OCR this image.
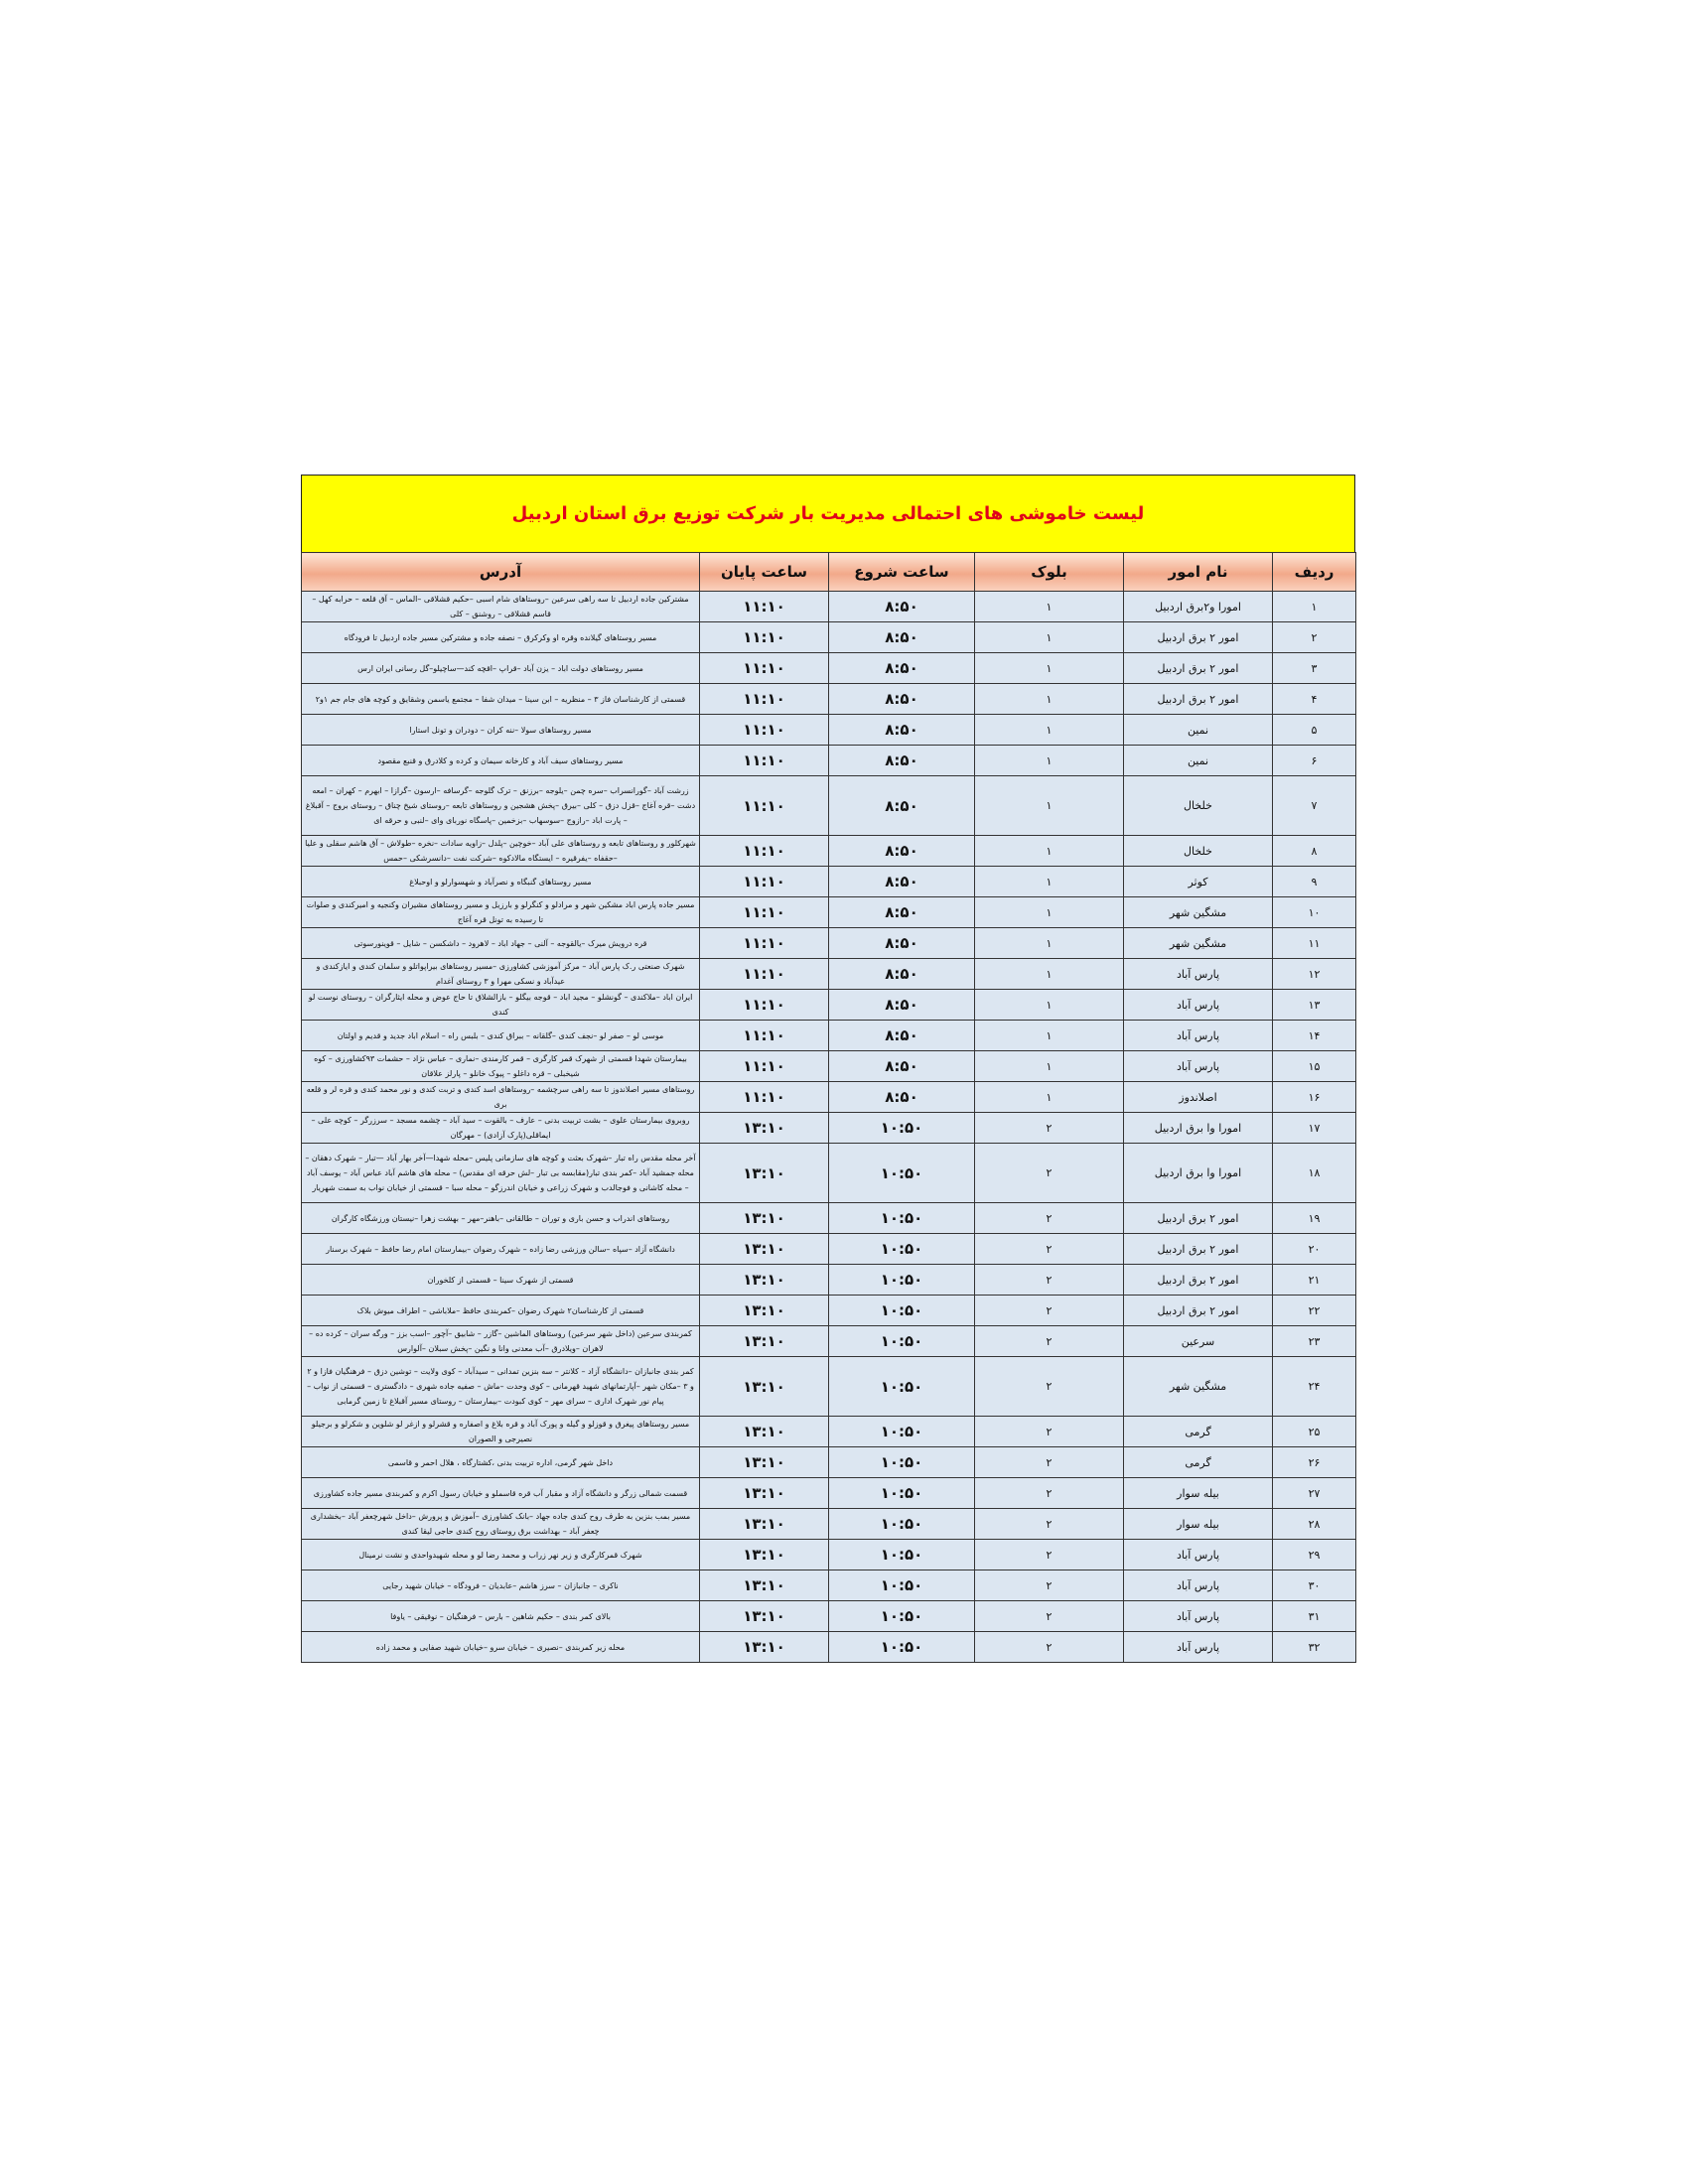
لیست خاموشی های احتمالی مدیریت بار شرکت توزیع برق استان اردبیل
ردیف	نام امور	بلوک	ساعت شروع	ساعت پایان	آدرس
۱	امورا و۲برق اردبیل	۱	۸:۵۰	۱۱:۱۰	مشترکین جاده اردبیل تا سه راهی سرعین –روستاهای شام اسبی –حکیم قشلاقی –الماس – آق قلعه – حرابه کهل – قاسم قشلاقی – روشنق – کلی
۲	امور ۲ برق اردبیل	۱	۸:۵۰	۱۱:۱۰	مسیر روستاهای گیلانده وقره او وکرکرق – نصفه جاده و مشترکین مسیر جاده اردبیل تا فرودگاه
۳	امور ۲ برق اردبیل	۱	۸:۵۰	۱۱:۱۰	مسیر روستاهای دولت اباد – یزن آباد –قراپ –اقچه کند—ساچیلو–گل رسانی ایران ارس
۴	امور ۲ برق اردبیل	۱	۸:۵۰	۱۱:۱۰	قسمتی از کارشناسان فاز ۳ – منظریه – ابن سینا – میدان شفا – مجتمع یاسمن وشقایق و کوچه های جام جم ۱و۲
۵	نمین	۱	۸:۵۰	۱۱:۱۰	مسیر روستاهای سولا –ننه کران – دودران و تونل استارا
۶	نمین	۱	۸:۵۰	۱۱:۱۰	مسیر روستاهای سیف آباد و کارخانه سیمان و کرده و کلادرق و قنبع مقصود
۷	خلخال	۱	۸:۵۰	۱۱:۱۰	زرشت آباد –گورانسراب –سره چمن –یلوجه –برزنق – ترک گلوجه –گرسافه –ارسون –گرازا – ابهرم – کهران – امعه دشت –قره آغاج –قزل دزق – کلی –بیرق –پخش هشجین و روستاهای تابعه –روستای شیخ چناق – روستای بروج – آقبلاغ – پارت اباد –رازوج –سوسهاب –بزخمین –پاسگاه نوربای وای –لنبی و حرقه ای
۸	خلخال	۱	۸:۵۰	۱۱:۱۰	شهرکلور و روستاهای تابعه و روستاهای علی آباد –خوچین –پلدل –زاویه سادات –نخره –طولاش – آق هاشم سقلی و علیا –حقفاه –یفرقیره – ایستگاه مالادکوه –شرکت نفت –دانسرشکی –حمس
۹	کوثر	۱	۸:۵۰	۱۱:۱۰	مسیر روستاهای گنبگاه و نصرآباد و شهسوارلو و اوحبلاغ
۱۰	مشگین شهر	۱	۸:۵۰	۱۱:۱۰	مسیر جاده پارس اباد مشکین شهر و مرادلو و کنگرلو و بارزیل و مسیر روستاهای مشیران وکنجیه و امیرکندی و صلوات تا رسیده به تونل قره آغاج
۱۱	مشگین شهر	۱	۸:۵۰	۱۱:۱۰	قره درویش میرک –یالقوجه – آلنی – جهاد اباد – لاهرود – داشکسن – شایل – قوینورسوتی
۱۲	پارس آباد	۱	۸:۵۰	۱۱:۱۰	شهرک صنعتی ر.ک پارس آباد – مرکز آموزشی کشاورزی –مسیر روستاهای بیراپواتلو و سلمان کندی و ایازکندی و عیدآباد و نسکی مهرا و ۳ روستای آغدام
۱۳	پارس آباد	۱	۸:۵۰	۱۱:۱۰	ایران اباد –ملاکندی – گونشلو – مجید اباد – قوجه بیگلو – بازالشلاق تا حاج عوض و محله ایثارگران – روستای نوست لو کندی
۱۴	پارس آباد	۱	۸:۵۰	۱۱:۱۰	موسی لو – صفر لو –نجف کندی –گلقانه – ببراق کندی – بلبس راه – اسلام اباد جدید و قدیم و اولتان
۱۵	پارس آباد	۱	۸:۵۰	۱۱:۱۰	بیمارستان شهدا قسمتی از شهرک قمر کارگری – قمر کارمندی –نماری – عباس نژاد – حشمات ۹۳کشاورزی – کوه شیخبلی – قره داغلو – پیوک خانلو – پارلز علاقان
۱۶	اصلاندوز	۱	۸:۵۰	۱۱:۱۰	روستاهای مسیر اصلاندوز تا سه راهی سرچشمه –روستاهای اسد کندی و تربت کندی و نور محمد کندی و قره لر و قلعه بری
۱۷	امورا وا برق اردبیل	۲	۱۰:۵۰	۱۳:۱۰	روبروی بیمارستان علوی – بشت تربیت بدنی – عارف – بالقوت – سید آباد – چشمه مسجد – سرزرگر – کوچه علی – ایماقلی(پارک آزادی) – مهرگان
۱۸	امورا وا برق اردبیل	۲	۱۰:۵۰	۱۳:۱۰	آخر محله مقدس راه تبار –شهرک بعثت و کوچه های سازمانی پلیس –محله شهدا—آخر بهار آباد —تبار – شهرک دهقان –محله جمشید آباد –کمر بندی تبار(مقابسه بی تبار –لش حرقه ای مقدس) – محله های هاشم آباد عباس آباد – یوسف آباد – محله کاشانی و فوجالدب و شهرک زراعی و خیابان اندرزگو – محله سبا – قسمتی از خیابان نواب به سمت شهریار
۱۹	امور ۲ برق اردبیل	۲	۱۰:۵۰	۱۳:۱۰	روستاهای اندراب و حسن باری و توران – طالقانی –باهنر–مهر – بهشت زهرا –نیستان ورزشگاه کارگران
۲۰	امور ۲ برق اردبیل	۲	۱۰:۵۰	۱۳:۱۰	دانشگاه آزاد –سپاه –سالن ورزشی رضا زاده – شهرک رضوان –بیمارستان امام رضا حافظ – شهرک برسنار
۲۱	امور ۲ برق اردبیل	۲	۱۰:۵۰	۱۳:۱۰	قسمتی از شهرک سینا – قسمتی از کلخوران
۲۲	امور ۲ برق اردبیل	۲	۱۰:۵۰	۱۳:۱۰	قسمتی از کارشناسان۲ شهرک رضوان –کمربندی حافظ –ملاباشی – اطراف میوش بلاک
۲۳	سرعین	۲	۱۰:۵۰	۱۳:۱۰	کمربندی سرعین (داخل شهر سرعین) روستاهای الماشین –گازر – شابیق –آچور –اسب بزز – ورگه سران – کرده ده – لاهران –ویلادرق –آب معدنی وانا و نگین –پخش سبلان –آلوارس
۲۴	مشگین شهر	۲	۱۰:۵۰	۱۳:۱۰	کمر بندی جانبازان –دانشگاه آزاد – کلانتر – سه بنزین تمدانی – سیدآباد – کوی ولایت – توشین دزق – فرهنگیان فازا و ۲ و ۳ –مکان شهر –آپارتمانهای شهید قهرمانی – کوی وحدت –ماش – صفیه جاده شهری – دادگستری – قسمتی از نواب – پیام نور شهرک اداری – سرای مهر – کوی کبودت –بیمارستان – روستای مسیر آقبلاغ تا زمین گرمابی
۲۵	گرمی	۲	۱۰:۵۰	۱۳:۱۰	مسیر روستاهای پیغرق و قوزلو و گیله و پورک آباد و قره بلاغ و اصفاره و قشرلو و ازغر لو شلوین و شکرلو و برجیلو نصیرجی و الصوران
۲۶	گرمی	۲	۱۰:۵۰	۱۳:۱۰	داخل شهر گرمی، اداره تربیت بدنی ،کشتارگاه ، هلال احمر و قاسمی
۲۷	بیله سوار	۲	۱۰:۵۰	۱۳:۱۰	قسمت شمالی زرگر و دانشگاه آزاد و مقبار آب قره قاسملو و خیابان رسول اکرم و کمربندی مسیر جاده کشاورزی
۲۸	بیله سوار	۲	۱۰:۵۰	۱۳:۱۰	مسیر بمب بنزین به طرف روح کندی جاده جهاد –بانک کشاورزی –آموزش و پرورش –داخل شهرچعفر آباد –بخشداری چعفر آباد – بهداشت برق روستای روح کندی حاجی لیقا کندی
۲۹	پارس آباد	۲	۱۰:۵۰	۱۳:۱۰	شهرک قمرکارگری و زیر نهر زراب و محمد رضا لو و محله شهیدواحدی و نشت نرمینال
۳۰	پارس آباد	۲	۱۰:۵۰	۱۳:۱۰	ناکری – جانبازان – سرز هاشم –عابدیان – فرودگاه – خیابان شهید رجایی
۳۱	پارس آباد	۲	۱۰:۵۰	۱۳:۱۰	بالای کمر بندی – حکیم شاهین – بارس – فرهنگیان – نوقیقی – یاوفا
۳۲	پارس آباد	۲	۱۰:۵۰	۱۳:۱۰	محله زیر کمربندی –نصیری – خیابان سرو –خیابان شهید صفایی و محمد زاده
